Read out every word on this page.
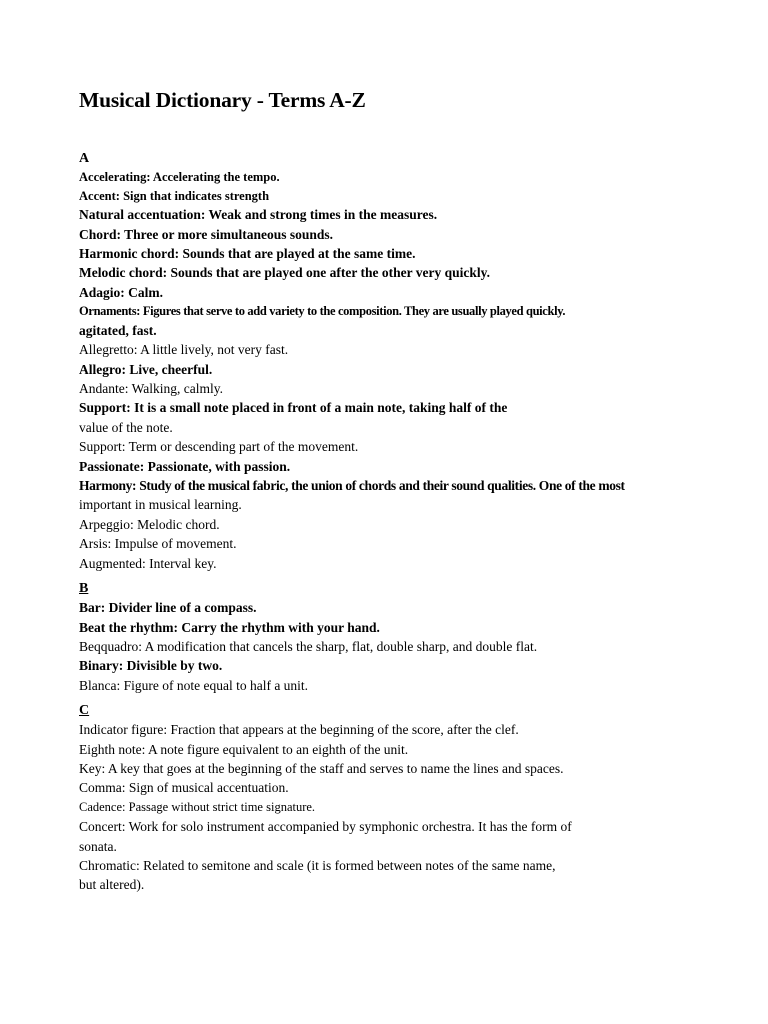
Musical Dictionary - Terms A-Z
A
Accelerating: Accelerating the tempo.
Accent: Sign that indicates strength
Natural accentuation: Weak and strong times in the measures.
Chord: Three or more simultaneous sounds.
Harmonic chord: Sounds that are played at the same time.
Melodic chord: Sounds that are played one after the other very quickly.
Adagio: Calm.
Ornaments: Figures that serve to add variety to the composition. They are usually played quickly.
agitated, fast.
Allegretto: A little lively, not very fast.
Allegro: Live, cheerful.
Andante: Walking, calmly.
Support: It is a small note placed in front of a main note, taking half of the
value of the note.
Support: Term or descending part of the movement.
Passionate: Passionate, with passion.
Harmony: Study of the musical fabric, the union of chords and their sound qualities. One of the most
important in musical learning.
Arpeggio: Melodic chord.
Arsis: Impulse of movement.
Augmented: Interval key.
B
Bar: Divider line of a compass.
Beat the rhythm: Carry the rhythm with your hand.
Beqquadro: A modification that cancels the sharp, flat, double sharp, and double flat.
Binary: Divisible by two.
Blanca: Figure of note equal to half a unit.
C
Indicator figure: Fraction that appears at the beginning of the score, after the clef.
Eighth note: A note figure equivalent to an eighth of the unit.
Key: A key that goes at the beginning of the staff and serves to name the lines and spaces.
Comma: Sign of musical accentuation.
Cadence: Passage without strict time signature.
Concert: Work for solo instrument accompanied by symphonic orchestra. It has the form of
sonata.
Chromatic: Related to semitone and scale (it is formed between notes of the same name,
but altered).
